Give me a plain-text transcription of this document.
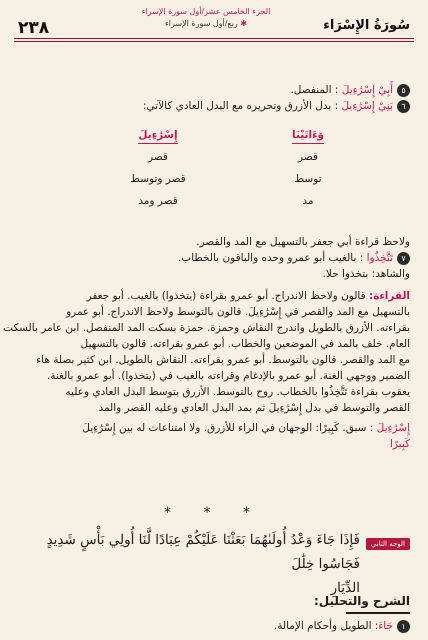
سُورَةُ الإِسْرَاء
الجزء الخامس عشر/أول سورة الإسراء
✱ ربع/أول سورة الإسراء
٢٣٨
٥أَبِيْ إِسْرَٰءِيلَ : المنفصل.
٦بَنِيْ إِسْرَٰءِيلَ : بدل الأزرق وتحريره مع البدل العادي كالآتي:
وَءَاتَيْنَا
قصر
توسط
مد
إِسْرَٰءِيلَ
قصر
قصر وتوسط
قصر ومد
ولاحظ قراءة أبي جعفر بالتسهيل مع المد والقصر.
٧تَتَّخِذُوا : بالغيب أبو عمرو وحده والباقون بالخطاب.
والشاهد: بتخذوا حلا.
القراءة: قالون ولاحظ الاندراج. أبو عمرو بقراءة (يتخذوا) بالغيب. أبو جعفر
بالتسهيل مع المد والقصر في إِسْرَٰءِيلَ. قالون بالتوسط ولاحظ الاندراج. أبو عمرو
بقراءته. الأزرق بالطويل واندرج النقاش وحمزة. حمزة بسكت المد المنفصل. ابن عامر بالسكت
العام. خلف بالمد في الموضعين والخطاب. أبو عمرو بقراءته. قالون بالتسهيل
مع المد والقصر. قالون بالتوسط. أبو عمرو بقراءته. النقاش بالطويل. ابن كثير بصلة هاء
الضمير ووجهي الغنة. أبو عمرو بالإدغام وقراءته بالغيب في (يتخذوا). أبو عمرو بالغنة.
يعقوب بقراءة تَتَّخِذُوا بالخطاب. روح بالتوسط. الأزرق بتوسط البدل العادي وعليه
القصر والتوسط في بدل إِسْرَٰءِيلَ ثم بمد البدل العادي وعليه القصر والمد
إِسْرَٰءِيلَ : سبق. كَبِيرًا: الوجهان في الراء للأزرق. ولا امتناعات له بين إِسْرَٰءِيلَ
كَبِيرًا
* * *
الوجه الثاني
فَإِذَا جَاءَ وَعْدُ أُولَىٰهُمَا بَعَثْنَا عَلَيْكُمْ عِبَادًا لَّنَا أُولِي بَأْسٍ شَدِيدٍ فَجَاسُوا خِلَٰلَ
الدِّيَارِ
الشرح والتحليل:
١جَاءَ: الطويل وأحكام الإمالة.
